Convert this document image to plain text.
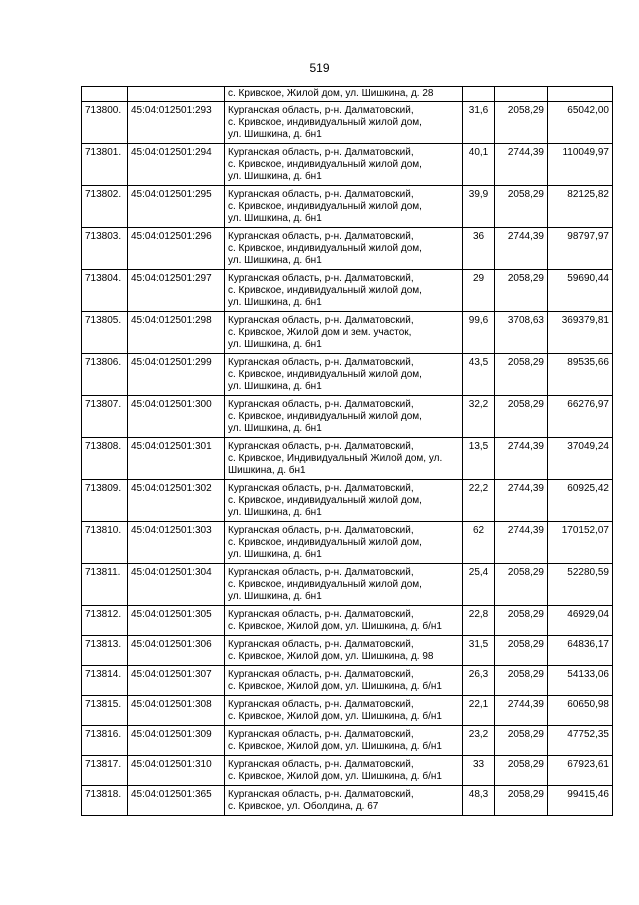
519

		с. Кривское, Жилой дом, ул. Шишкина, д. 28			

713800.	45:04:012501:293	Курганская область, р-н. Далматовский,
с. Кривское, индивидуальный жилой дом,
ул. Шишкина, д. бн1	31,6	2058,29	65042,00
713801.	45:04:012501:294	Курганская область, р-н. Далматовский,
с. Кривское, индивидуальный жилой дом,
ул. Шишкина, д. бн1	40,1	2744,39	110049,97
713802.	45:04:012501:295	Курганская область, р-н. Далматовский,
с. Кривское, индивидуальный жилой дом,
ул. Шишкина, д. бн1	39,9	2058,29	82125,82
713803.	45:04:012501:296	Курганская область, р-н. Далматовский,
с. Кривское, индивидуальный жилой дом,
ул. Шишкина, д. бн1	36	2744,39	98797,97
713804.	45:04:012501:297	Курганская область, р-н. Далматовский,
с. Кривское, индивидуальный жилой дом,
ул. Шишкина, д. бн1	29	2058,29	59690,44
713805.	45:04:012501:298	Курганская область, р-н. Далматовский,
с. Кривское, Жилой дом и зем. участок,
ул. Шишкина, д. бн1	99,6	3708,63	369379,81
713806.	45:04:012501:299	Курганская область, р-н. Далматовский,
с. Кривское, индивидуальный жилой дом,
ул. Шишкина, д. бн1	43,5	2058,29	89535,66
713807.	45:04:012501:300	Курганская область, р-н. Далматовский,
с. Кривское, индивидуальный жилой дом,
ул. Шишкина, д. бн1	32,2	2058,29	66276,97
713808.	45:04:012501:301	Курганская область, р-н. Далматовский,
с. Кривское, Индивидуальный Жилой дом, ул.
Шишкина, д. бн1	13,5	2744,39	37049,24
713809.	45:04:012501:302	Курганская область, р-н. Далматовский,
с. Кривское, индивидуальный жилой дом,
ул. Шишкина, д. бн1	22,2	2744,39	60925,42
713810.	45:04:012501:303	Курганская область, р-н. Далматовский,
с. Кривское, индивидуальный жилой дом,
ул. Шишкина, д. бн1	62	2744,39	170152,07
713811.	45:04:012501:304	Курганская область, р-н. Далматовский,
с. Кривское, индивидуальный жилой дом,
ул. Шишкина, д. бн1	25,4	2058,29	52280,59
713812.	45:04:012501:305	Курганская область, р-н. Далматовский,
с. Кривское, Жилой дом, ул. Шишкина, д. б/н1	22,8	2058,29	46929,04
713813.	45:04:012501:306	Курганская область, р-н. Далматовский,
с. Кривское, Жилой дом, ул. Шишкина, д. 98	31,5	2058,29	64836,17
713814.	45:04:012501:307	Курганская область, р-н. Далматовский,
с. Кривское, Жилой дом, ул. Шишкина, д. б/н1	26,3	2058,29	54133,06
713815.	45:04:012501:308	Курганская область, р-н. Далматовский,
с. Кривское, Жилой дом, ул. Шишкина, д. б/н1	22,1	2744,39	60650,98
713816.	45:04:012501:309	Курганская область, р-н. Далматовский,
с. Кривское, Жилой дом, ул. Шишкина, д. б/н1	23,2	2058,29	47752,35
713817.	45:04:012501:310	Курганская область, р-н. Далматовский,
с. Кривское, Жилой дом, ул. Шишкина, д. б/н1	33	2058,29	67923,61
713818.	45:04:012501:365	Курганская область, р-н. Далматовский,
с. Кривское, ул. Оболдина, д. 67	48,3	2058,29	99415,46
